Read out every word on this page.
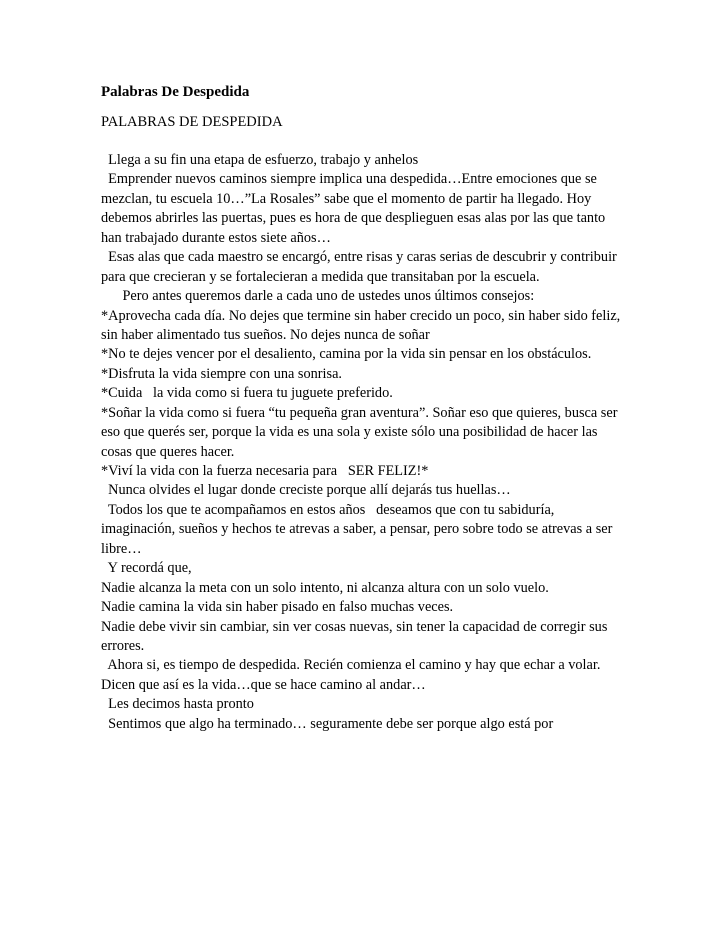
Palabras De Despedida

PALABRAS DE DESPEDIDA

Llega a su fin una etapa de esfuerzo, trabajo y anhelos
Emprender nuevos caminos siempre implica una despedida…Entre emociones que se
mezclan, tu escuela 10…”La Rosales” sabe que el momento de partir ha llegado. Hoy
debemos abrirles las puertas, pues es hora de que desplieguen esas alas por las que tanto
han trabajado durante estos siete años…
Esas alas que cada maestro se encargó, entre risas y caras serias de descubrir y contribuir
para que crecieran y se fortalecieran a medida que transitaban por la escuela.
Pero antes queremos darle a cada uno de ustedes unos últimos consejos:
*Aprovecha cada día. No dejes que termine sin haber crecido un poco, sin haber sido feliz,
sin haber alimentado tus sueños. No dejes nunca de soñar
*No te dejes vencer por el desaliento, camina por la vida sin pensar en los obstáculos.
*Disfruta la vida siempre con una sonrisa.
*Cuida   la vida como si fuera tu juguete preferido.
*Soñar la vida como si fuera “tu pequeña gran aventura”. Soñar eso que quieres, busca ser
eso que querés ser, porque la vida es una sola y existe sólo una posibilidad de hacer las
cosas que queres hacer.
*Viví la vida con la fuerza necesaria para   SER FELIZ!*
Nunca olvides el lugar donde creciste porque allí dejarás tus huellas…
Todos los que te acompañamos en estos años   deseamos que con tu sabiduría,
imaginación, sueños y hechos te atrevas a saber, a pensar, pero sobre todo se atrevas a ser
libre…
Y recordá que,
Nadie alcanza la meta con un solo intento, ni alcanza altura con un solo vuelo.
Nadie camina la vida sin haber pisado en falso muchas veces.
Nadie debe vivir sin cambiar, sin ver cosas nuevas, sin tener la capacidad de corregir sus
errores.
Ahora si, es tiempo de despedida. Recién comienza el camino y hay que echar a volar.
Dicen que así es la vida…que se hace camino al andar…
Les decimos hasta pronto
Sentimos que algo ha terminado… seguramente debe ser porque algo está por
